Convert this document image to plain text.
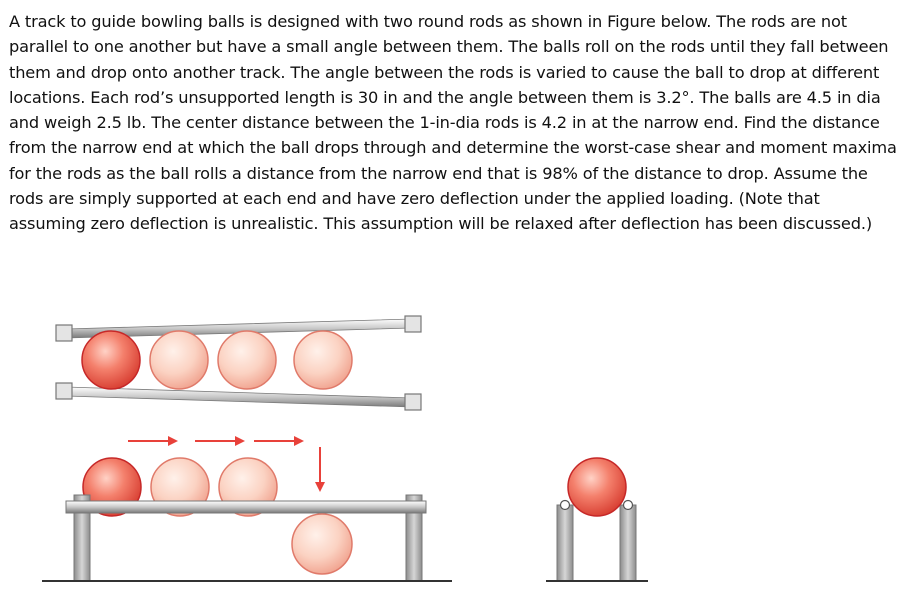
A track to guide bowling balls is designed with two round rods as shown in Figure below. The rods are not parallel to one another but have a small angle between them. The balls roll on the rods until they fall between them and drop onto another track. The angle between the rods is varied to cause the ball to drop at different locations. Each rod’s unsupported length is 30 in and the angle between them is 3.2°. The balls are 4.5 in dia and weigh 2.5 lb. The center distance between the 1-in-dia rods is 4.2 in at the narrow end. Find the distance from the narrow end at which the ball drops through and determine the worst-case shear and moment maxima for the rods as the ball rolls a distance from the narrow end that is 98% of the distance to drop. Assume the rods are simply supported at each end and have zero deflection under the applied loading. (Note that assuming zero deflection is unrealistic. This assumption will be relaxed after deflection has been discussed.)
